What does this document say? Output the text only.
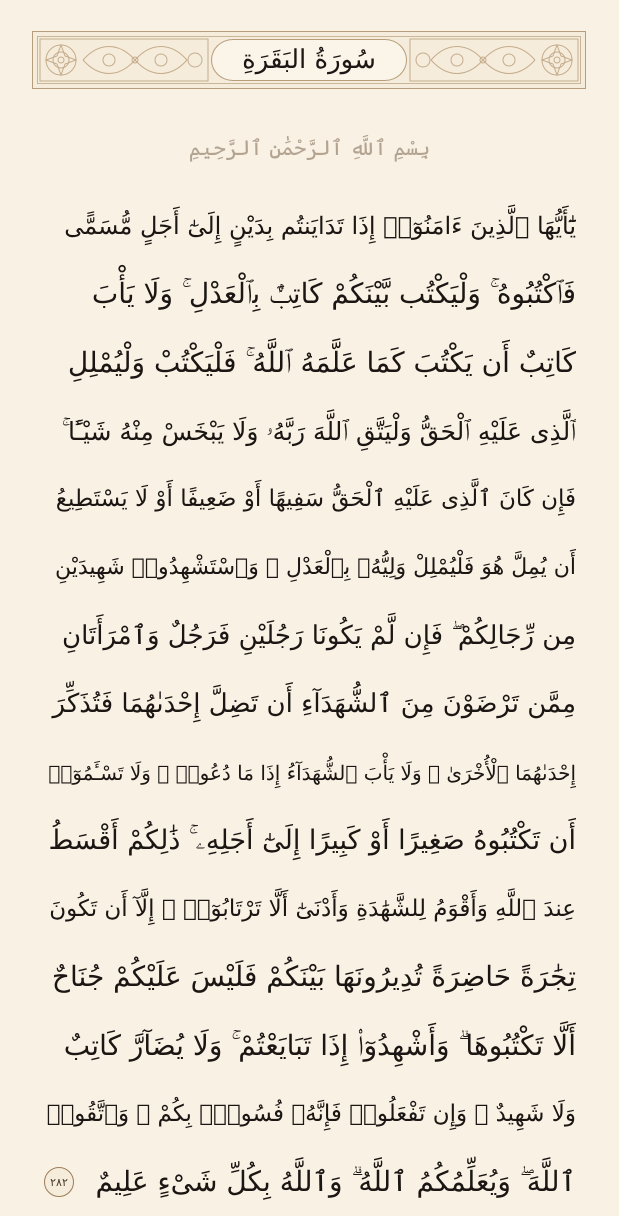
سُورَةُ البَقَرَةِ
بِسْمِ ٱللَّهِ ٱلرَّحْمَٰنِ ٱلرَّحِيمِ
يَٰٓأَيُّهَا ٱلَّذِينَ ءَامَنُوٓا۟ إِذَا تَدَايَنتُم بِدَيْنٍ إِلَىٰٓ أَجَلٍ مُّسَمًّى
فَٱكْتُبُوهُ ۚ وَلْيَكْتُب بَّيْنَكُمْ كَاتِبٌۢ بِٱلْعَدْلِ ۚ وَلَا يَأْبَ
كَاتِبٌ أَن يَكْتُبَ كَمَا عَلَّمَهُ ٱللَّهُ ۚ فَلْيَكْتُبْ وَلْيُمْلِلِ
ٱلَّذِى عَلَيْهِ ٱلْحَقُّ وَلْيَتَّقِ ٱللَّهَ رَبَّهُۥ وَلَا يَبْخَسْ مِنْهُ شَيْـًٔا ۚ
فَإِن كَانَ ٱلَّذِى عَلَيْهِ ٱلْحَقُّ سَفِيهًا أَوْ ضَعِيفًا أَوْ لَا يَسْتَطِيعُ
أَن يُمِلَّ هُوَ فَلْيُمْلِلْ وَلِيُّهُۥ بِٱلْعَدْلِ ۚ وَٱسْتَشْهِدُوا۟ شَهِيدَيْنِ
مِن رِّجَالِكُمْ ۖ فَإِن لَّمْ يَكُونَا رَجُلَيْنِ فَرَجُلٌ وَٱمْرَأَتَانِ
مِمَّن تَرْضَوْنَ مِنَ ٱلشُّهَدَآءِ أَن تَضِلَّ إِحْدَىٰهُمَا فَتُذَكِّرَ
إِحْدَىٰهُمَا ٱلْأُخْرَىٰ ۚ وَلَا يَأْبَ ٱلشُّهَدَآءُ إِذَا مَا دُعُوا۟ ۚ وَلَا تَسْـَٔمُوٓا۟
أَن تَكْتُبُوهُ صَغِيرًا أَوْ كَبِيرًا إِلَىٰٓ أَجَلِهِۦ ۚ ذَٰلِكُمْ أَقْسَطُ
عِندَ ٱللَّهِ وَأَقْوَمُ لِلشَّهَٰدَةِ وَأَدْنَىٰٓ أَلَّا تَرْتَابُوٓا۟ ۖ إِلَّآ أَن تَكُونَ
تِجَٰرَةً حَاضِرَةً تُدِيرُونَهَا بَيْنَكُمْ فَلَيْسَ عَلَيْكُمْ جُنَاحٌ
أَلَّا تَكْتُبُوهَا ۗ وَأَشْهِدُوٓا۟ إِذَا تَبَايَعْتُمْ ۚ وَلَا يُضَآرَّ كَاتِبٌ
وَلَا شَهِيدٌ ۚ وَإِن تَفْعَلُوا۟ فَإِنَّهُۥ فُسُوقٌۢ بِكُمْ ۗ وَٱتَّقُوا۟
ٱللَّهَ ۖ وَيُعَلِّمُكُمُ ٱللَّهُ ۗ وَٱللَّهُ بِكُلِّ شَىْءٍ عَلِيمٌ
٢٨٢
